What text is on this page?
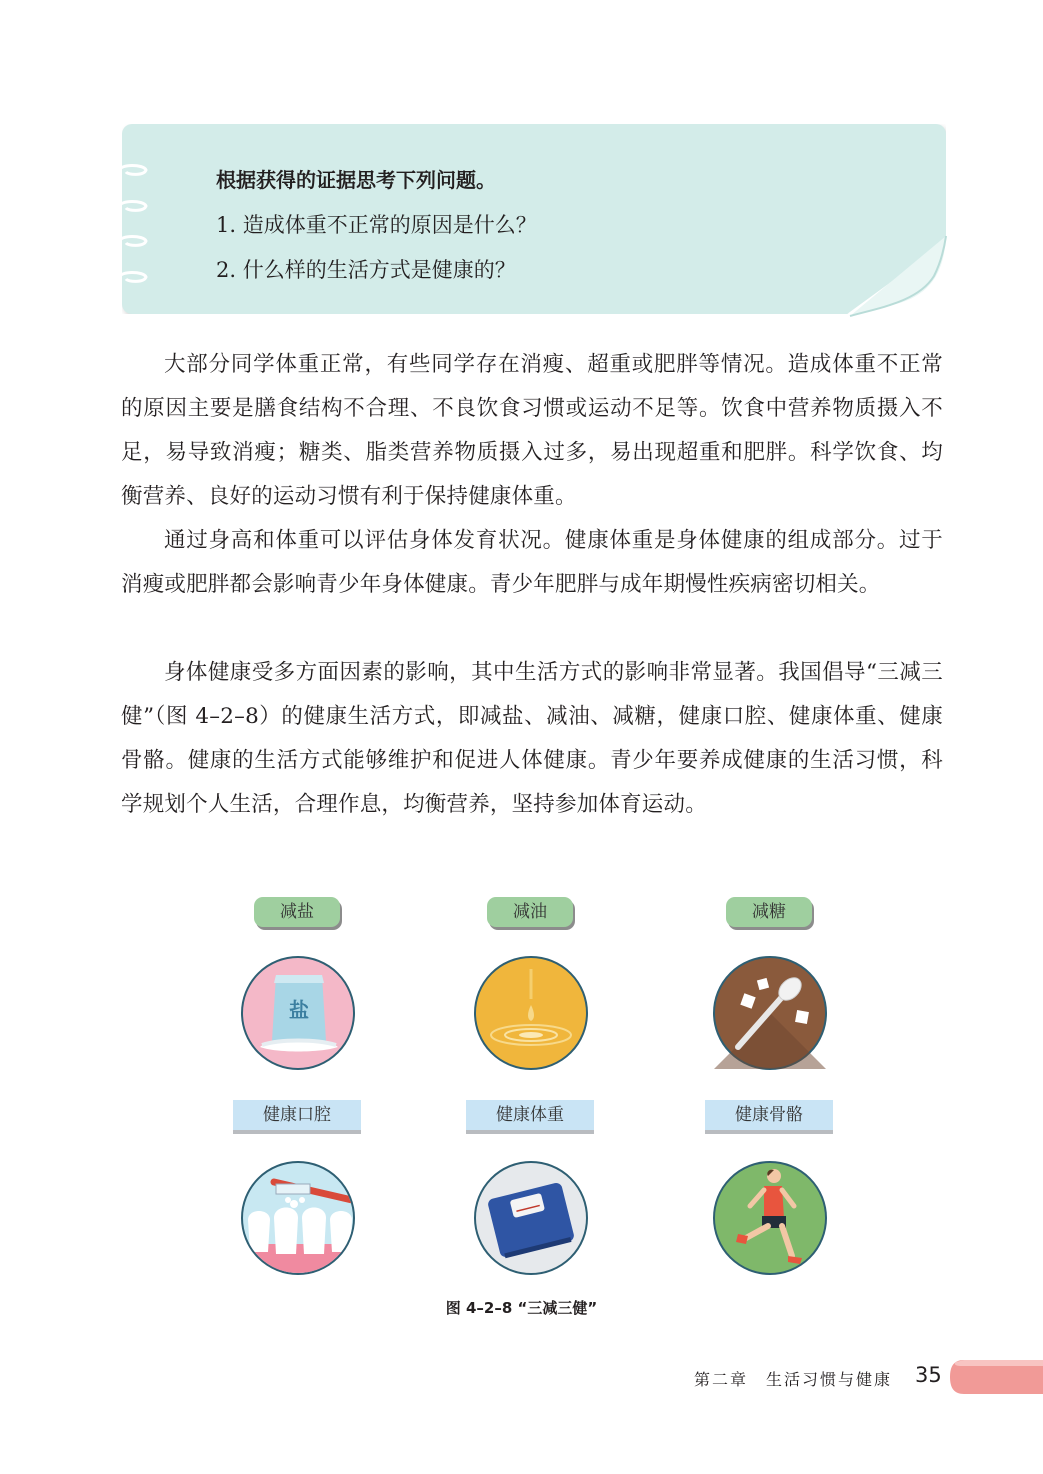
根据获得的证据思考下列问题。
1. 造成体重不正常的原因是什么？
2. 什么样的生活方式是健康的？

大部分同学体重正常，有些同学存在消瘦、超重或肥胖等情况。造成体重不正常的原因主要是膳食结构不合理、不良饮食习惯或运动不足等。饮食中营养物质摄入不足，易导致消瘦；糖类、脂类营养物质摄入过多，易出现超重和肥胖。科学饮食、均衡营养、良好的运动习惯有利于保持健康体重。

通过身高和体重可以评估身体发育状况。健康体重是身体健康的组成部分。过于消瘦或肥胖都会影响青少年身体健康。青少年肥胖与成年期慢性疾病密切相关。

身体健康受多方面因素的影响，其中生活方式的影响非常显著。我国倡导“三减三健”（图 4–2–8）的健康生活方式，即减盐、减油、减糖，健康口腔、健康体重、健康骨骼。健康的生活方式能够维护和促进人体健康。青少年要养成健康的生活习惯，科学规划个人生活，合理作息，均衡营养，坚持参加体育运动。

减盐	减油	减糖
盐
健康口腔	健康体重	健康骨骼
图 4–2–8 “三减三健”
第二章　生活习惯与健康 35
